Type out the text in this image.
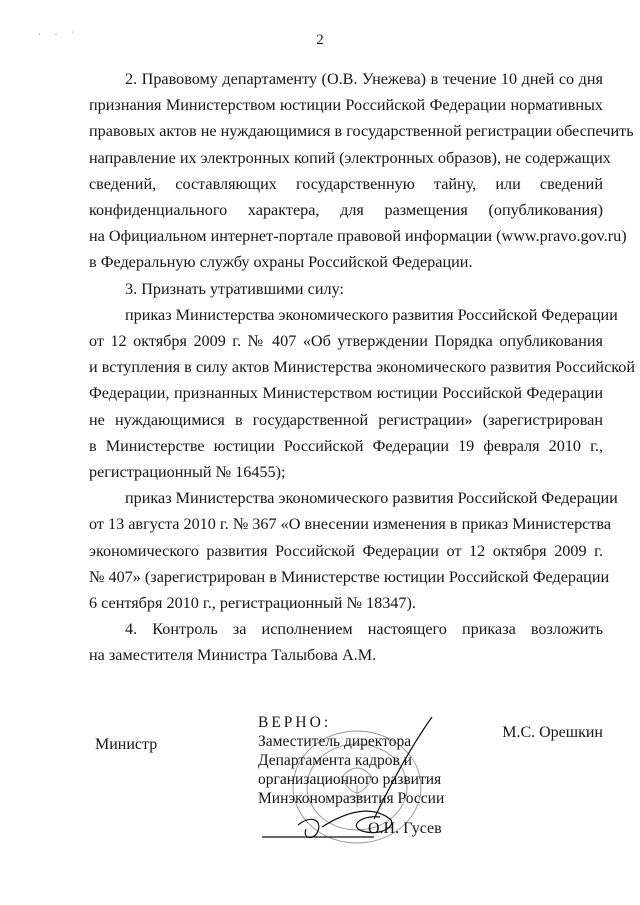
· · ˙	2
2. Правовому департаменту (О.В. Унежева) в течение 10 дней со дня
признания Министерством юстиции Российской Федерации нормативных
правовых актов не нуждающимися в государственной регистрации обеспечить
направление их электронных копий (электронных образов), не содержащих
сведений, составляющих государственную тайну, или сведений
конфиденциального характера, для размещения (опубликования)
на Официальном интернет-портале правовой информации (www.pravo.gov.ru)
в Федеральную службу охраны Российской Федерации.
3. Признать утратившими силу:
приказ Министерства экономического развития Российской Федерации
от 12 октября 2009 г. № 407 «Об утверждении Порядка опубликования
и вступления в силу актов Министерства экономического развития Российской
Федерации, признанных Министерством юстиции Российской Федерации
не нуждающимися в государственной регистрации» (зарегистрирован
в Министерстве юстиции Российской Федерации 19 февраля 2010 г.,
регистрационный № 16455);
приказ Министерства экономического развития Российской Федерации
от 13 августа 2010 г. № 367 «О внесении изменения в приказ Министерства
экономического развития Российской Федерации от 12 октября 2009 г.
№ 407» (зарегистрирован в Министерстве юстиции Российской Федерации
6 сентября 2010 г., регистрационный № 18347).
4. Контроль за исполнением настоящего приказа возложить
на заместителя Министра Талыбова А.М.
Министр
М.С. Орешкин
ВЕРНО:
Заместитель директора
Департамента кадров и
организационного развития
Минэкономразвития России
О.Н. Гусев
